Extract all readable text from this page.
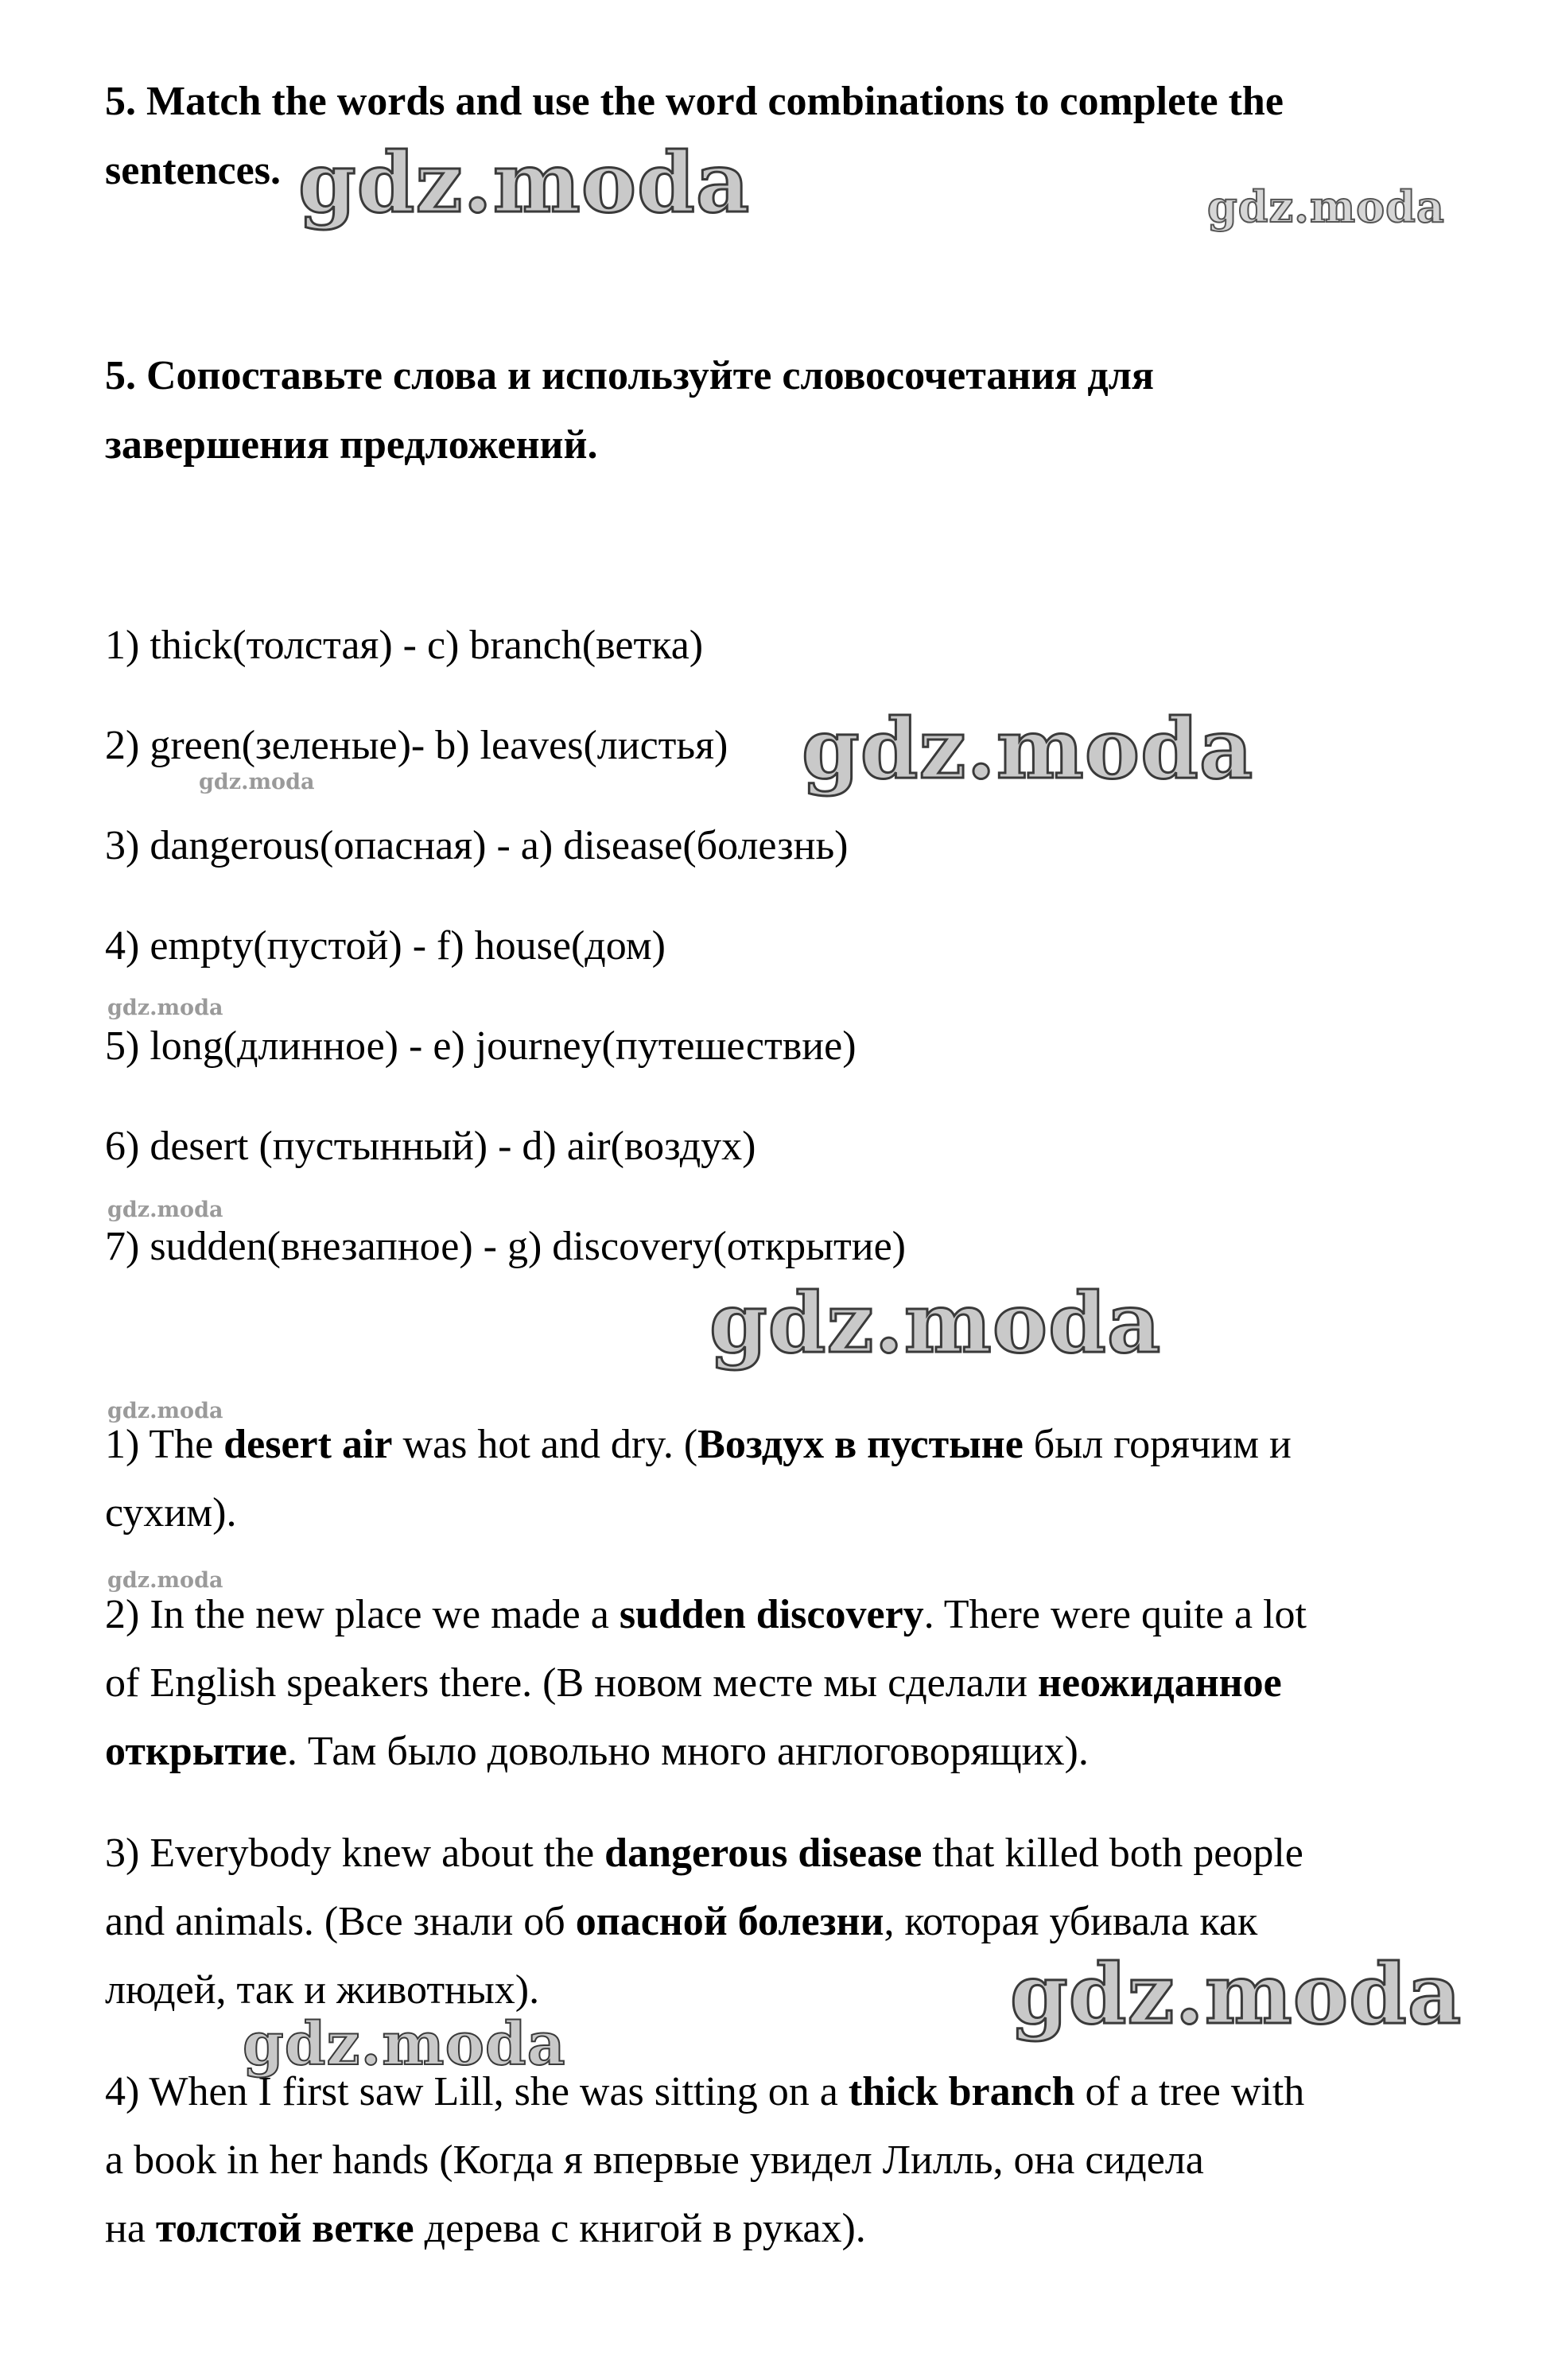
5. Match the words and use the word combinations to complete the
sentences.
5. Сопоставьте слова и используйте словосочетания для
завершения предложений.
1) thick(толстая) - c) branch(ветка)
2) green(зеленые)- b) leaves(листья)
3) dangerous(опасная) - a) disease(болезнь)
4) empty(пустой) - f) house(дом)
5) long(длинное) - e) journey(путешествие)
6) desert (пустынный) - d) air(воздух)
7) sudden(внезапное) - g) discovery(открытие)
1) The desert air was hot and dry. (Воздух в пустыне был горячим и
сухим).
2) In the new place we made a sudden discovery. There were quite a lot
of English speakers there. (В новом месте мы сделали неожиданное
открытие. Там было довольно много англоговорящих).
3) Everybody knew about the dangerous disease that killed both people
and animals. (Все знали об опасной болезни, которая убивала как
людей, так и животных).
4) When I first saw Lill, she was sitting on a thick branch of a tree with
a book in her hands (Когда я впервые увидел Лилль, она сидела
на толстой ветке дерева с книгой в руках).
gdz.moda	gdz.moda
gdz.moda
gdz.moda
gdz.moda
gdz.moda
gdz.moda
gdz.moda
gdz.moda
gdz.moda
gdz.moda
